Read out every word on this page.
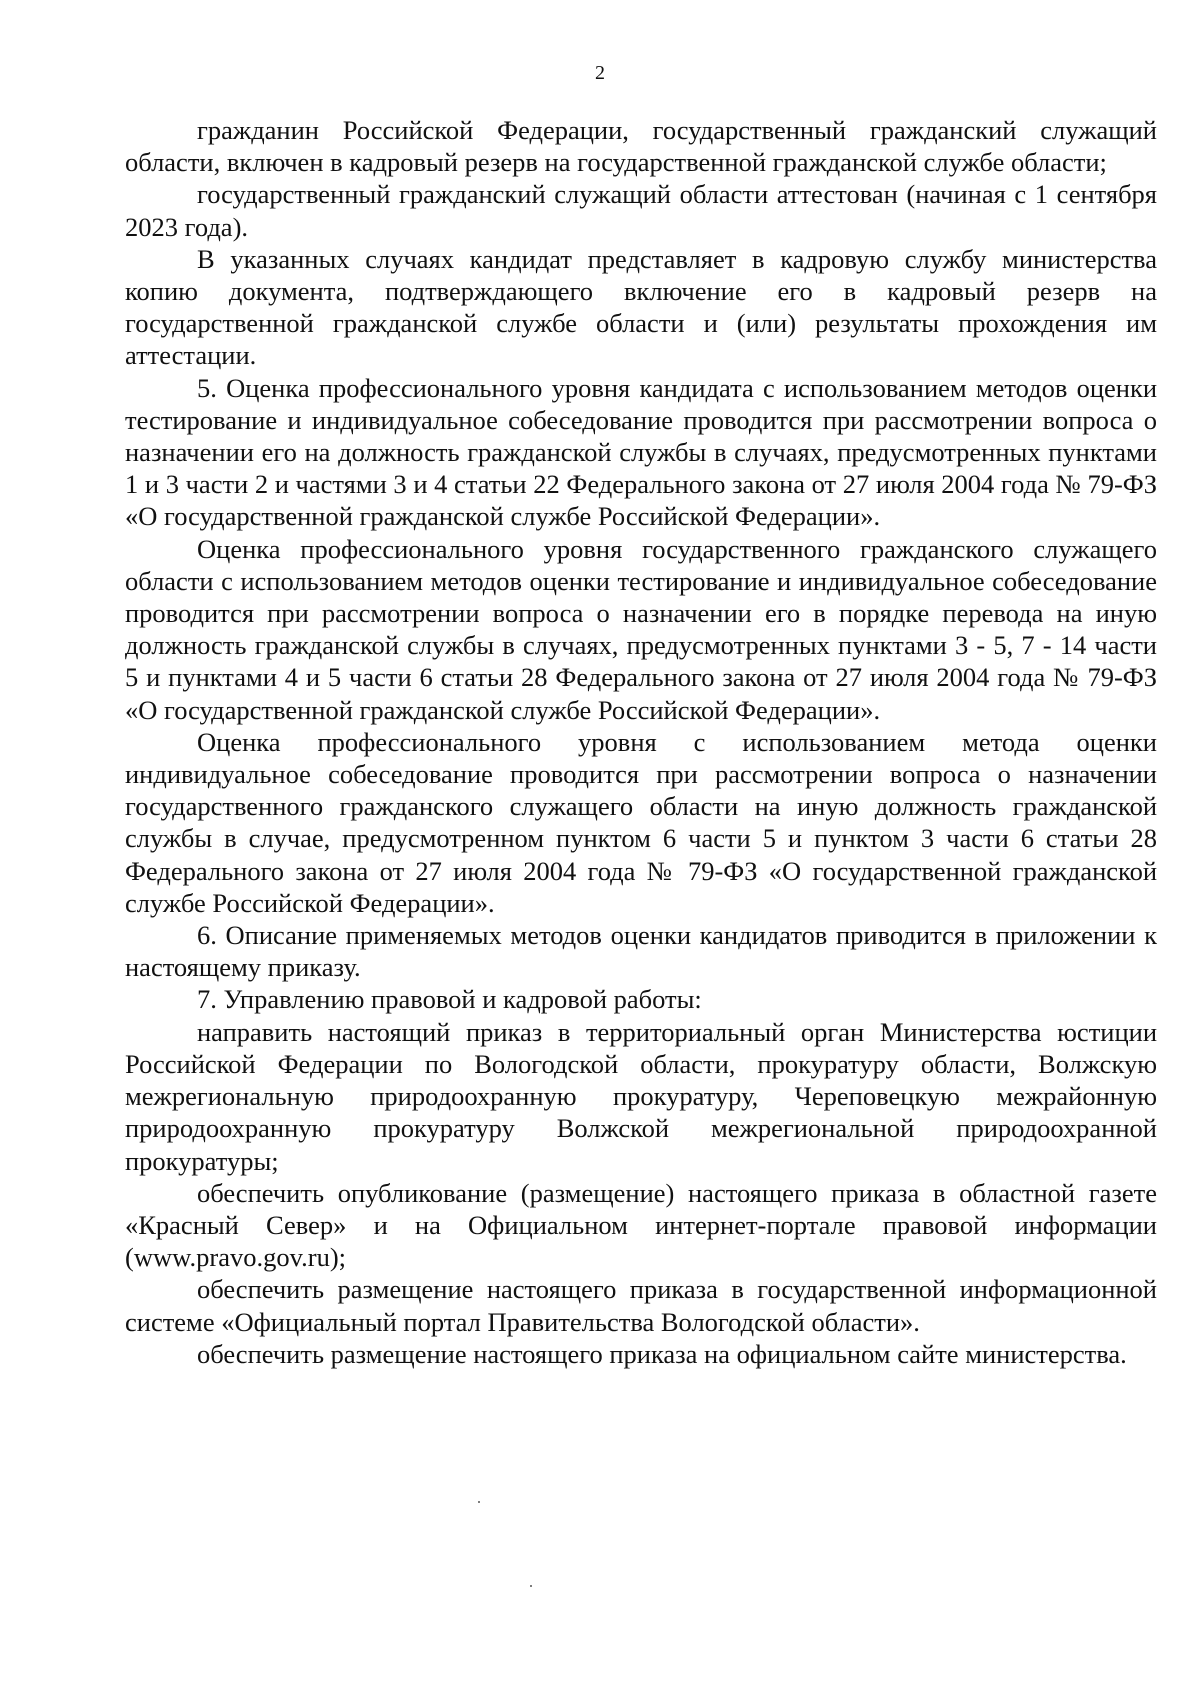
2

гражданин Российской Федерации, государственный гражданский служащий области, включен в кадровый резерв на государственной гражданской службе области;

государственный гражданский служащий области аттестован (начиная с 1 сентября 2023 года).

В указанных случаях кандидат представляет в кадровую службу министерства копию документа, подтверждающего включение его в кадровый резерв на государственной гражданской службе области и (или) результаты прохождения им аттестации.

5. Оценка профессионального уровня кандидата с использованием методов оценки тестирование и индивидуальное собеседование проводится при рассмотрении вопроса о назначении его на должность гражданской службы в случаях, предусмотренных пунктами 1 и 3 части 2 и частями 3 и 4 статьи 22 Федерального закона от 27 июля 2004 года № 79-ФЗ «О государственной гражданской службе Российской Федерации».

Оценка профессионального уровня государственного гражданского служащего области с использованием методов оценки тестирование и индивидуальное собеседование проводится при рассмотрении вопроса о назначении его в порядке перевода на иную должность гражданской службы в случаях, предусмотренных пунктами 3 - 5, 7 - 14 части 5 и пунктами 4 и 5 части 6 статьи 28 Федерального закона от 27 июля 2004 года № 79-ФЗ «О государственной гражданской службе Российской Федерации».

Оценка профессионального уровня с использованием метода оценки индивидуальное собеседование проводится при рассмотрении вопроса о назначении государственного гражданского служащего области на иную должность гражданской службы в случае, предусмотренном пунктом 6 части 5 и пунктом 3 части 6 статьи 28 Федерального закона от 27 июля 2004 года № 79-ФЗ «О государственной гражданской службе Российской Федерации».

6. Описание применяемых методов оценки кандидатов приводится в приложении к настоящему приказу.

7. Управлению правовой и кадровой работы:

направить настоящий приказ в территориальный орган Министерства юстиции Российской Федерации по Вологодской области, прокуратуру области, Волжскую межрегиональную природоохранную прокуратуру, Череповецкую межрайонную природоохранную прокуратуру Волжской межрегиональной природоохранной прокуратуры;

обеспечить опубликование (размещение) настоящего приказа в областной газете «Красный Север» и на Официальном интернет-портале правовой информации (www.pravo.gov.ru);

обеспечить размещение настоящего приказа в государственной информационной системе «Официальный портал Правительства Вологодской области».

обеспечить размещение настоящего приказа на официальном сайте министерства.
